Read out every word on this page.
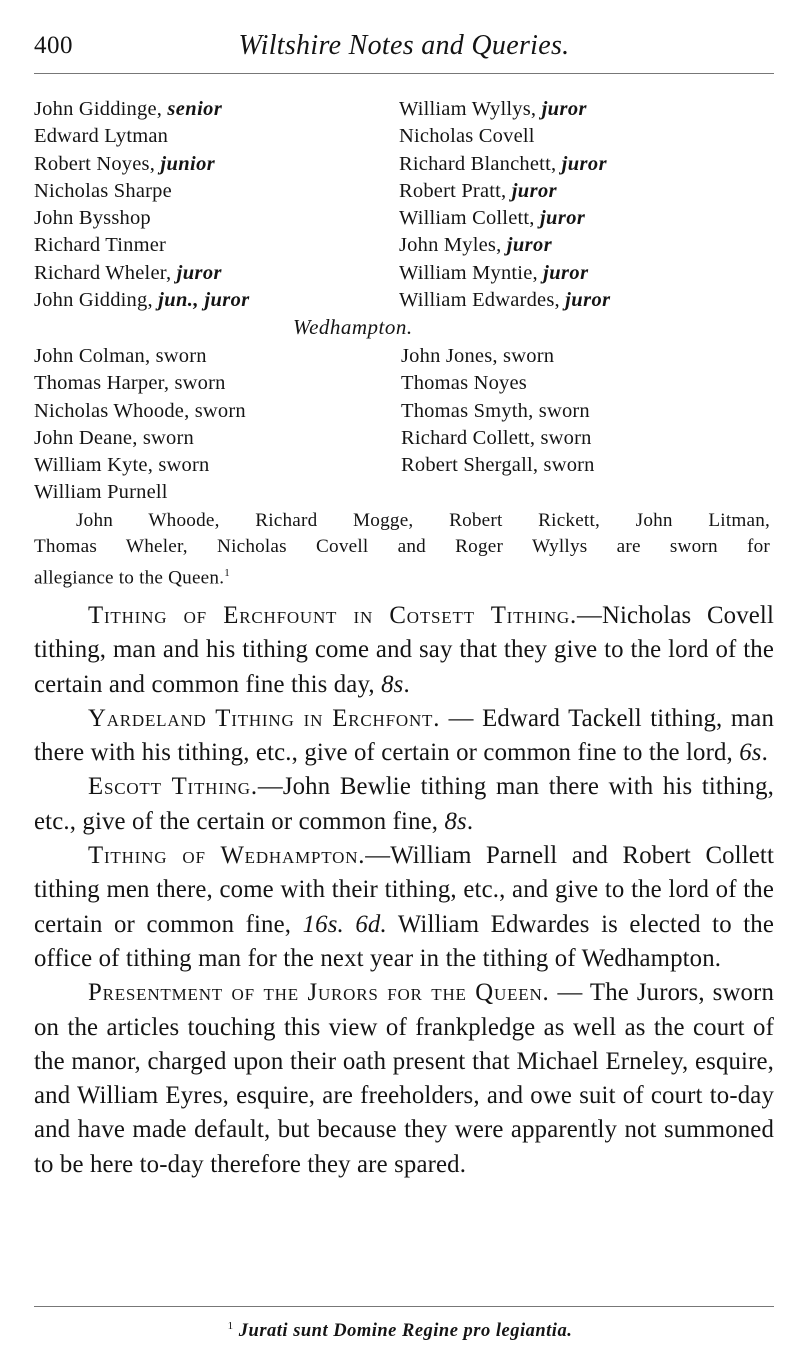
400	Wiltshire Notes and Queries.
John Giddinge, senior
Edward Lytman
Robert Noyes, junior
Nicholas Sharpe
John Bysshop
Richard Tinmer
Richard Wheler, juror
John Gidding, jun., juror
William Wyllys, juror
Nicholas Covell
Richard Blanchett, juror
Robert Pratt, juror
William Collett, juror
John Myles, juror
William Myntie, juror
William Edwardes, juror
Wedhampton.
John Colman, sworn
Thomas Harper, sworn
Nicholas Whoode, sworn
John Deane, sworn
William Kyte, sworn
William Purnell
John Jones, sworn
Thomas Noyes
Thomas Smyth, sworn
Richard Collett, sworn
Robert Shergall, sworn
John Whoode, Richard Mogge, Robert Rickett, John Litman,
Thomas Wheler, Nicholas Covell and Roger Wyllys are sworn for
allegiance to the Queen.$^1$

Tithing of Erchfount in Cotsett Tithing.—Nicholas Covell tithing, man and his tithing come and say that they give to the lord of the certain and common fine this day, 8s.

Yardeland Tithing in Erchfont. — Edward Tackell tithing, man there with his tithing, etc., give of certain or common fine to the lord, 6s.

Escott Tithing.—John Bewlie tithing man there with his tithing, etc., give of the certain or common fine, 8s.

Tithing of Wedhampton.—William Parnell and Robert Collett tithing men there, come with their tithing, etc., and give to the lord of the certain or common fine, 16s. 6d. William Edwardes is elected to the office of tithing man for the next year in the tithing of Wedhampton.

Presentment of the Jurors for the Queen. — The Jurors, sworn on the articles touching this view of frankpledge as well as the court of the manor, charged upon their oath present that Michael Erneley, esquire, and William Eyres, esquire, are freeholders, and owe suit of court to-day and have made default, but because they were apparently not summoned to be here to-day therefore they are spared.

$^1$ Jurati sunt Domine Regine pro legiantia.
